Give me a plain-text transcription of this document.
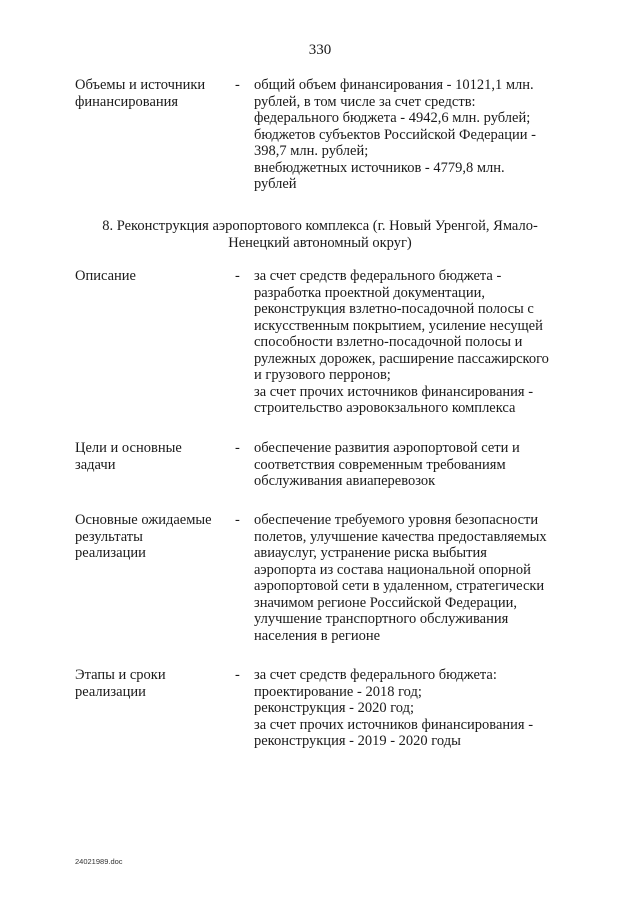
330
Объемы и источники
финансирования
- общий объем финансирования - 10121,1 млн.
рублей, в том числе за счет средств:
федерального бюджета - 4942,6 млн. рублей;
бюджетов субъектов Российской Федерации -
398,7 млн. рублей;
внебюджетных источников - 4779,8 млн.
рублей
8. Реконструкция аэропортового комплекса (г. Новый Уренгой, Ямало-
Ненецкий автономный округ)
Описание	- за счет средств федерального бюджета -
разработка проектной документации,
реконструкция взлетно-посадочной полосы с
искусственным покрытием, усиление несущей
способности взлетно-посадочной полосы и
рулежных дорожек, расширение пассажирского
и грузового перронов;
за счет прочих источников финансирования -
строительство аэровокзального комплекса
Цели и основные
задачи
- обеспечение развития аэропортовой сети и
соответствия современным требованиям
обслуживания авиаперевозок
Основные ожидаемые
результаты
реализации
- обеспечение требуемого уровня безопасности
полетов, улучшение качества предоставляемых
авиауслуг, устранение риска выбытия
аэропорта из состава национальной опорной
аэропортовой сети в удаленном, стратегически
значимом регионе Российской Федерации,
улучшение транспортного обслуживания
населения в регионе
Этапы и сроки
реализации
- за счет средств федерального бюджета:
проектирование - 2018 год;
реконструкция - 2020 год;
за счет прочих источников финансирования -
реконструкция - 2019 - 2020 годы
24021989.doc
